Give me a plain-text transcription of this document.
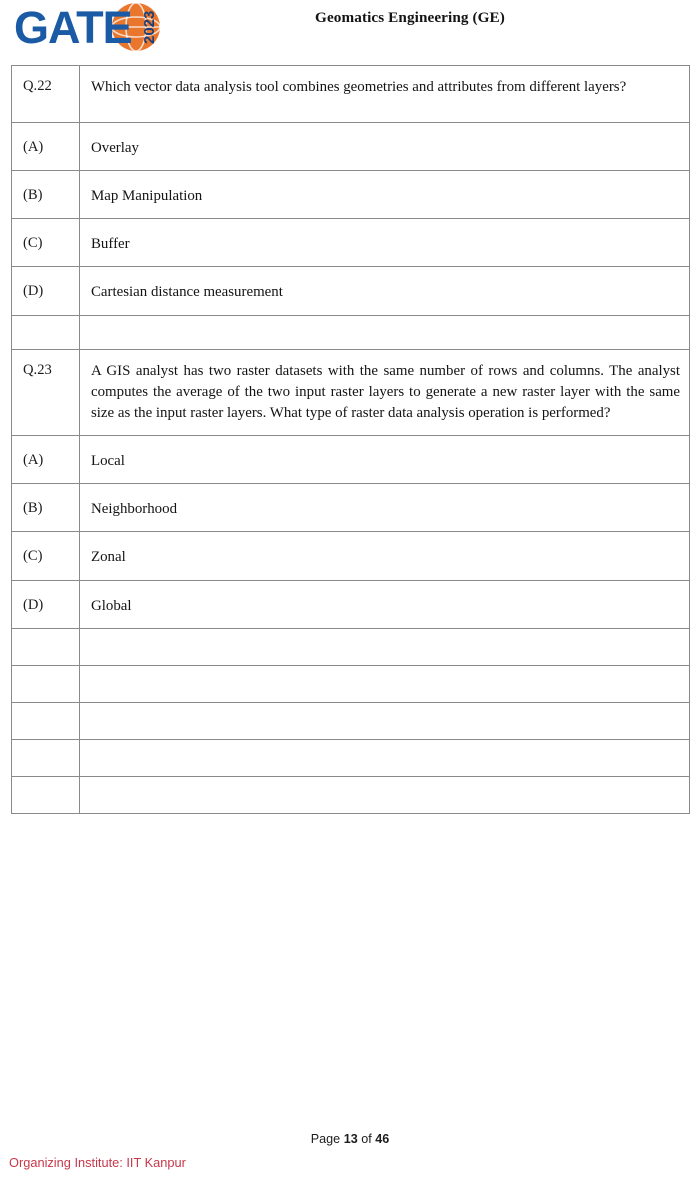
GATE 2023	Geomatics Engineering (GE)
Q.22	Which vector data analysis tool combines geometries and attributes from different layers?

(A)	Overlay

(B)	Map Manipulation

(C)	Buffer

(D)	Cartesian distance measurement

Q.23	A GIS analyst has two raster datasets with the same number of rows and columns. The analyst computes the average of the two input raster layers to generate a new raster layer with the same size as the input raster layers. What type of raster data analysis operation is performed?

(A)	Local

(B)	Neighborhood

(C)	Zonal

(D)	Global

Page 13 of 46
Organizing Institute: IIT Kanpur
